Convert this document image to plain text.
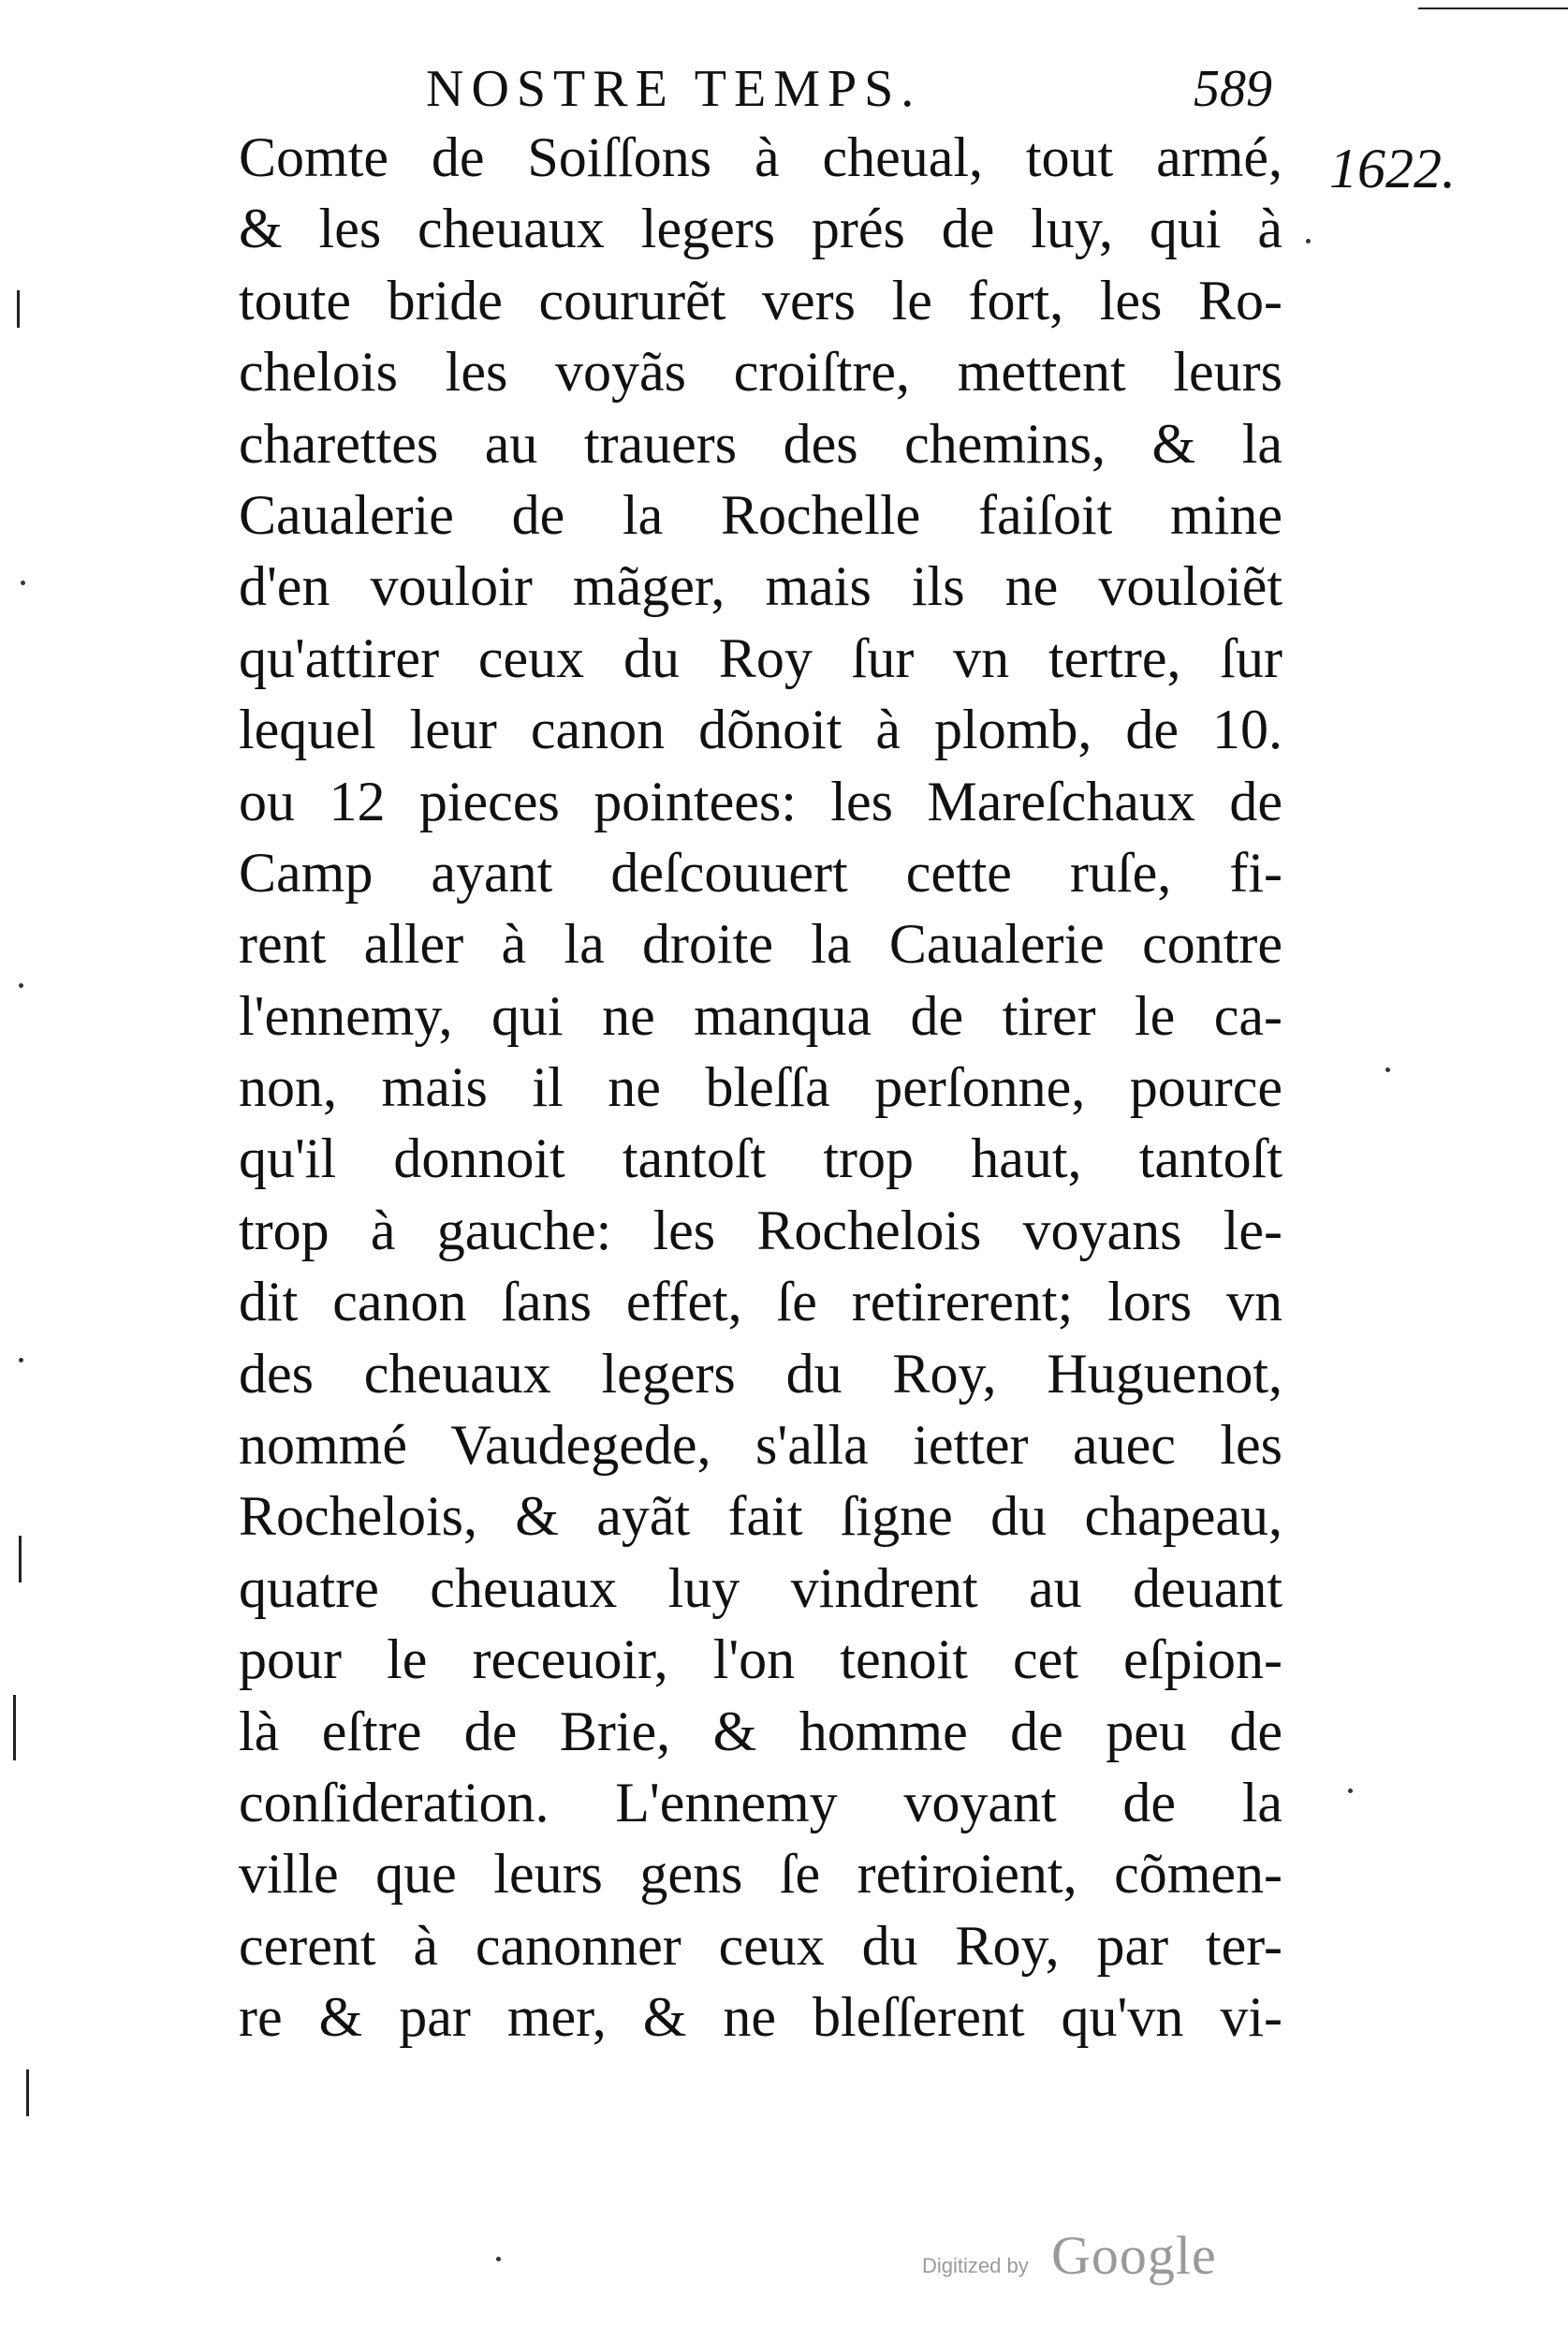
NOSTRE TEMPS.	589
1622.
Comte de Soiſſons à cheual, tout armé,
& les cheuaux legers prés de luy, qui à
toute bride coururẽt vers le fort, les Ro-
chelois les voyãs croiſtre, mettent leurs
charettes au trauers des chemins, & la
Caualerie de la Rochelle faiſoit mine
d'en vouloir mãger, mais ils ne vouloiẽt
qu'attirer ceux du Roy ſur vn tertre, ſur
lequel leur canon dõnoit à plomb, de 10.
ou 12 pieces pointees: les Mareſchaux de
Camp ayant deſcouuert cette ruſe, fi-
rent aller à la droite la Caualerie contre
l'ennemy, qui ne manqua de tirer le ca-
non, mais il ne bleſſa perſonne, pource
qu'il donnoit tantoſt trop haut, tantoſt
trop à gauche: les Rochelois voyans le-
dit canon ſans effet, ſe retirerent; lors vn
des cheuaux legers du Roy, Huguenot,
nommé Vaudegede, s'alla ietter auec les
Rochelois, & ayãt fait ſigne du chapeau,
quatre cheuaux luy vindrent au deuant
pour le receuoir, l'on tenoit cet eſpion-
là eſtre de Brie, & homme de peu de
conſideration. L'ennemy voyant de la
ville que leurs gens ſe retiroient, cõmen-
cerent à canonner ceux du Roy, par ter-
re & par mer, & ne bleſſerent qu'vn vi-
Digitized by Google
